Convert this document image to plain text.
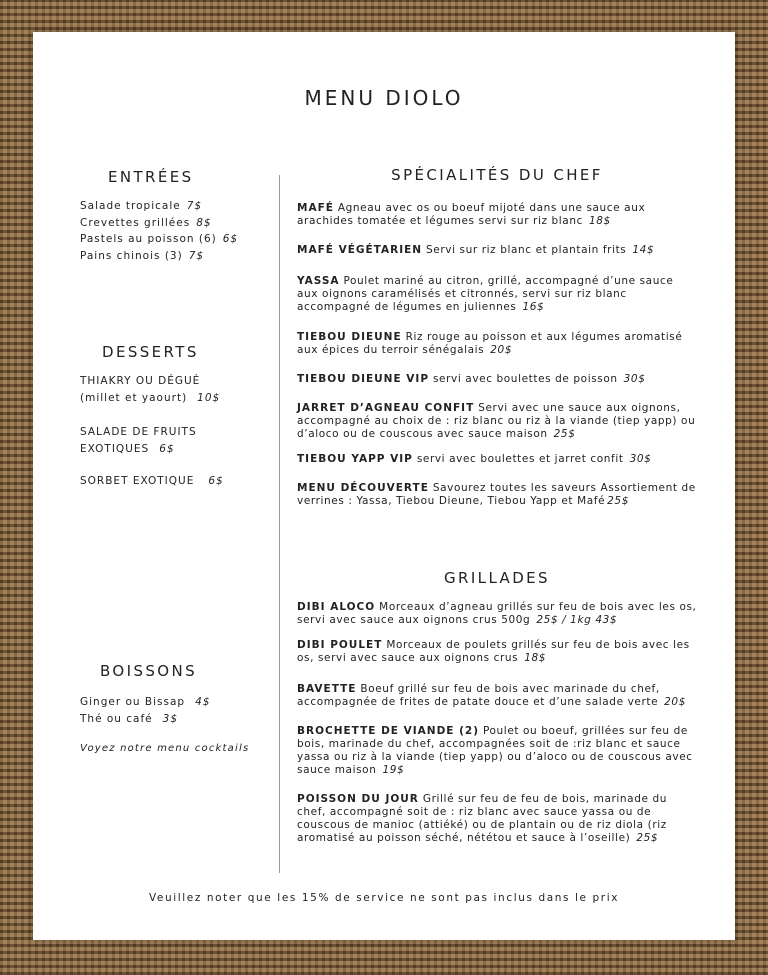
MENU DIOLO
ENTRÉES

Salade tropicale 7$

Crevettes grillées 8$

Pastels au poisson (6) 6$

Pains chinois (3) 7$

DESSERTS

THIAKRY OU DÉGUÉ
(millet et yaourt) 10$

SALADE DE FRUITS
EXOTIQUES 6$

SORBET EXOTIQUE 6$

BOISSONS

Ginger ou Bissap 4$

Thé ou café 3$

Voyez notre menu cocktails

SPÉCIALITÉS DU CHEF

MAFÉ Agneau avec os ou boeuf mijoté dans une sauce aux arachides tomatée et légumes servi sur riz blanc 18$

MAFÉ VÉGÉTARIEN Servi sur riz blanc et plantain frits 14$

YASSA Poulet mariné au citron, grillé, accompagné d’une sauce aux oignons caramélisés et citronnés, servi sur riz blanc accompagné de légumes en juliennes 16$

TIEBOU DIEUNE Riz rouge au poisson et aux légumes aromatisé aux épices du terroir sénégalais 20$

TIEBOU DIEUNE VIP servi avec boulettes de poisson 30$

JARRET D’AGNEAU CONFIT Servi avec une sauce aux oignons, accompagné au choix de : riz blanc ou riz à la viande (tiep yapp) ou d’aloco ou de couscous avec sauce maison 25$

TIEBOU YAPP VIP servi avec boulettes et jarret confit 30$

MENU DÉCOUVERTE Savourez toutes les saveurs Assortiement de verrines : Yassa, Tiebou Dieune, Tiebou Yapp et Mafé 25$

GRILLADES

DIBI ALOCO Morceaux d’agneau grillés sur feu de bois avec les os, servi avec sauce aux oignons crus 500g 25$ / 1kg 43$

DIBI POULET Morceaux de poulets grillés sur feu de bois avec les os, servi avec sauce aux oignons crus 18$

BAVETTE Boeuf grillé sur feu de bois avec marinade du chef, accompagnée de frites de patate douce et d’une salade verte 20$

BROCHETTE DE VIANDE (2) Poulet ou boeuf, grillées sur feu de bois, marinade du chef, accompagnées soit de :riz blanc et sauce yassa ou riz à la viande (tiep yapp) ou d’aloco ou de couscous avec sauce maison 19$

POISSON DU JOUR Grillé sur feu de feu de bois, marinade du chef, accompagné soit de : riz blanc avec sauce yassa ou de couscous de manioc (attiéké) ou de plantain ou de riz diola (riz aromatisé au poisson séché, nététou et sauce à l’oseille) 25$

Veuillez noter que les 15% de service ne sont pas inclus dans le prix
